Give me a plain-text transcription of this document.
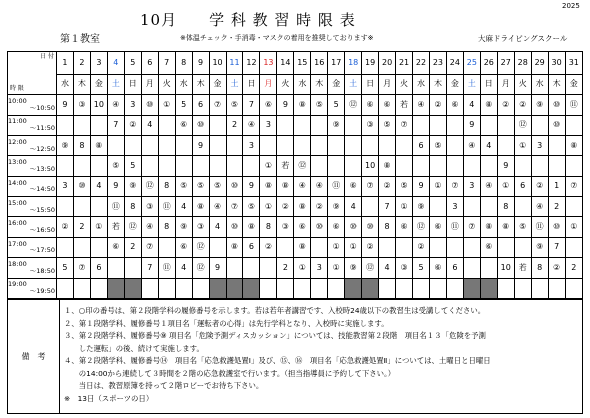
2025
10月　　学 科 教 習 時 限 表
第１教室	※体温チェック・手消毒・マスクの着用を推奨しております※	大麻ドライビングスクール
日 付
時 限	1	2	3	4	5	6	7	8	9	10	11	12	13	14	15	16	17	18	19	20	21	22	23	24	25	26	27	28	29	30	31
	水	木	金	土	日	月	火	水	木	金	土	日	月	火	水	木	金	土	日	月	火	水	木	金	土	日	月	火	水	木	金
10:00
～10:50	9	③	10	④	3	⑩	①	5	6	⑦	⑤	7	⑥	9	⑧	⑤	5	⑫	⑥	⑥	若	④	②	⑥	4	⑧	②	②	⑨	⑩	⑪
11:00
～11:50				7	②	4		⑥	⑩		2	④	3				⑨		③	⑤	⑦				9			⑫		⑩	
12:00
～12:50	⑨	8	⑧						9			3										6	⑤		④	4		①	3		⑧
13:00
～13:50				⑤	5								①	若	⑫				10	⑧							9				
14:00
～14:50	3	⑩	4	9	⑨	⑫	8	⑤	⑤	⑤	⑩	9	⑧	⑧	④	④	⑪	⑥	⑦	②	⑤	9	①	⑦	3	④	①	6	②	1	⑦
15:00
～15:50				⑪	8	③	⑪	4	⑧	④	⑦	⑤	①	②	⑧	②	⑨	4		7	①	⑨		3			8		④	2	
16:00
～16:50	②	2	①	若	⑫	④	8	⑨	③	4	⑩	⑧	8	③	⑥	⑩	⑥	⑩	⑩	8	⑥	⑫	⑥	⑪	⑦	⑧	⑧	⑤	⑪	⑩	①
17:00
～17:50				⑥	2	⑦		⑥	⑫		⑧	6	②		⑧		①	①	②			②				⑥			⑨	7	
18:00
～18:50	5	⑦	6			7	⑪	4	⑫	9				2	①	3	①	⑨	⑫	4	③	5	⑥	6			10	若	8	②	2
19:00
～19:50																															

備　考

１、○印の番号は、第２段階学科の履修番号を示します。若は若年者講習です、入校時24歳以下の教習生は受講してください。

２、第１段階学科、履修番号１項目名「運転者の心得」は先行学科となり、入校時に実施します。

３、第２段階学科、履修番号⑨ 項目名「危険予測ディスカッション」については、技能教習第２段階　項目名１３「危険を予測

　　した運転」の後、続けて実施します。

４、第２段階学科、履修番号⑭　項目名「応急救護処置Ⅰ」及び、⑮、⑯　項目名「応急救護処置Ⅱ」については、土曜日と日曜日

　　の14:00から連続して３時間を２階の応急救護室で行います。（担当指導員に予約して下さい。）

　　当日は、教習原簿を持って２階ロビーでお待ち下さい。

※　13日（スポーツの日）
